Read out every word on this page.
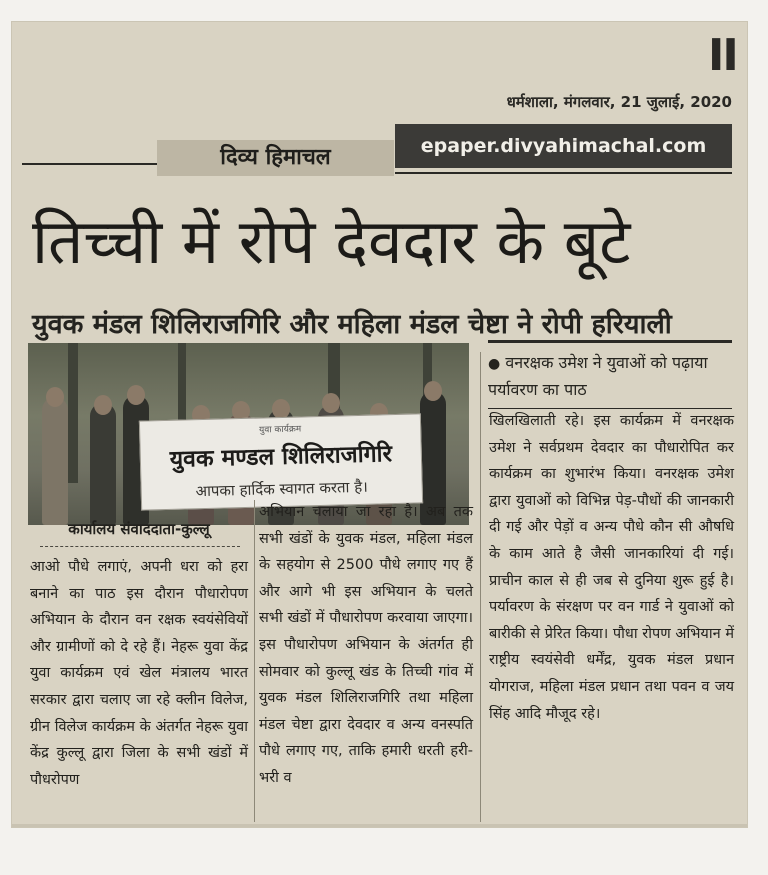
II
धर्मशाला, मंगलवार, 21 जुलाई, 2020
दिव्य हिमाचल	epaper.divyahimachal.com
तिच्ची में रोपे देवदार के बूटे
युवक मंडल शिलिराजगिरि और महिला मंडल चेष्टा ने रोपी हरियाली
युवा कार्यक्रम
युवक मण्डल शिलिराजगिरि
आपका हार्दिक स्वागत करता है।
● वनरक्षक उमेश ने युवाओं को पढ़ाया पर्यावरण का पाठ
कार्यालय संवाददाता-कुल्लू
आओ पौधे लगाएं, अपनी धरा को हरा बनाने का पाठ इस दौरान पौधारोपण अभियान के दौरान वन रक्षक स्वयंसेवियों और ग्रामीणों को दे रहे हैं। नेहरू युवा केंद्र युवा कार्यक्रम एवं खेल मंत्रालय भारत सरकार द्वारा चलाए जा रहे क्लीन विलेज, ग्रीन विलेज कार्यक्रम के अंतर्गत नेहरू युवा केंद्र कुल्लू द्वारा जिला के सभी खंडों में पौधरोपण
अभियान चलाया जा रहा है। अब तक सभी खंडों के युवक मंडल, महिला मंडल के सहयोग से 2500 पौधे लगाए गए हैं और आगे भी इस अभियान के चलते सभी खंडों में पौधारोपण करवाया जाएगा। इस पौधारोपण अभियान के अंतर्गत ही सोमवार को कुल्लू खंड के तिच्ची गांव में युवक मंडल शिलिराजगिरि तथा महिला मंडल चेष्टा द्वारा देवदार व अन्य वनस्पति पौधे लगाए गए, ताकि हमारी धरती हरी-भरी व
खिलखिलाती रहे। इस कार्यक्रम में वनरक्षक उमेश ने सर्वप्रथम देवदार का पौधारोपित कर कार्यक्रम का शुभारंभ किया। वनरक्षक उमेश द्वारा युवाओं को विभिन्न पेड़-पौधों की जानकारी दी गई और पेड़ों व अन्य पौधे कौन सी औषधि के काम आते है जैसी जानकारियां दी गई। प्राचीन काल से ही जब से दुनिया शुरू हुई है। पर्यावरण के संरक्षण पर वन गार्ड ने युवाओं को बारीकी से प्रेरित किया। पौधा रोपण अभियान में राष्ट्रीय स्वयंसेवी धर्मेंद्र, युवक मंडल प्रधान योगराज, महिला मंडल प्रधान तथा पवन व जय सिंह आदि मौजूद रहे।
